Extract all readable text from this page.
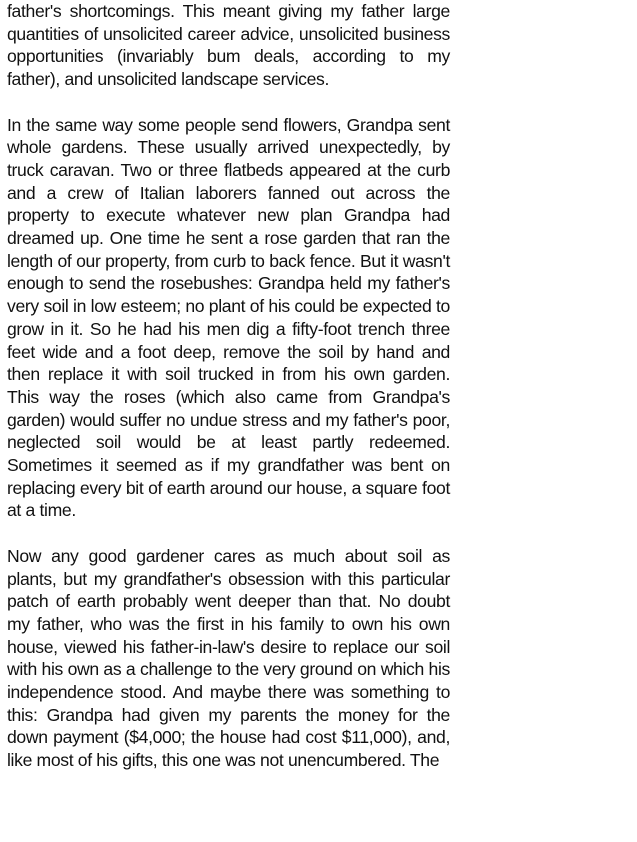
father's shortcomings. This meant giving my father large quantities of unsolicited career advice, unsolicited business opportunities (invariably bum deals, according to my father), and unsolicited landscape services.

In the same way some people send flowers, Grandpa sent whole gardens. These usually arrived unexpectedly, by truck caravan. Two or three flatbeds appeared at the curb and a crew of Italian laborers fanned out across the property to execute whatever new plan Grandpa had dreamed up. One time he sent a rose garden that ran the length of our property, from curb to back fence. But it wasn't enough to send the rosebushes: Grandpa held my father's very soil in low esteem; no plant of his could be expected to grow in it. So he had his men dig a fifty-foot trench three feet wide and a foot deep, remove the soil by hand and then replace it with soil trucked in from his own garden. This way the roses (which also came from Grandpa's garden) would suffer no undue stress and my father's poor, neglected soil would be at least partly redeemed. Sometimes it seemed as if my grandfather was bent on replacing every bit of earth around our house, a square foot at a time.

Now any good gardener cares as much about soil as plants, but my grandfather's obsession with this particular patch of earth probably went deeper than that. No doubt my father, who was the first in his family to own his own house, viewed his father-in-law's desire to replace our soil with his own as a challenge to the very ground on which his independence stood. And maybe there was something to this: Grandpa had given my parents the money for the down payment ($4,000; the house had cost $11,000), and, like most of his gifts, this one was not unencumbered. The
